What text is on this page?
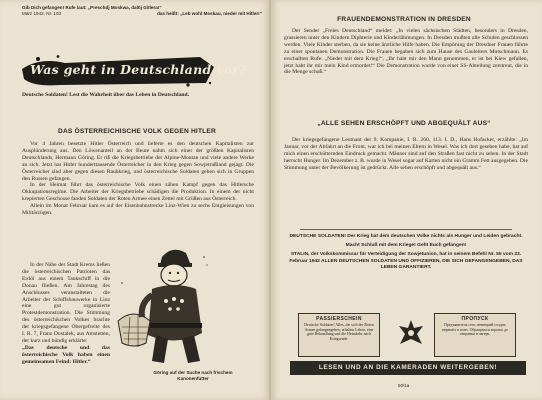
Gib Dich gefangen! Rufe laut: „Preschdj Moskwa, dalöj Gitlera!“
März 1942, Nr. 103	das heißt: „Leb wohl Moskau, nieder mit Hitler!“
Was geht in Deutschland vor?
Deutsche Soldaten! Lest die Wahrheit über das Leben in Deutschland.
DAS ÖSTERREICHISCHE VOLK GEGEN HITLER

Vor 4 Jahren besetzte Hitler Österreich und lieferte es den deutschen Kapitalisten zur Ausplünderung aus. Den Löwenanteil an der Beute nahm sich einer der größten Kapitalisten Deutschlands, Hermann Göring. Er riß die Kriegsbetriebe der Alpine-Montan und viele andere Werke an sich. Jetzt hat Hitler hunderttausende Österreicher in den Krieg gegen Sowjetrußland gejagt. Die Österreicher sind aber gegen diesen Raubkrieg, und österreichische Soldaten gehen sich in Gruppen den Russen gefangen.

In der Heimat führt das österreichische Volk einen zähen Kampf gegen das Hitlersche Okkupationsregime. Die Arbeiter der Kriegsbetriebe schädigen die Produktion. In einem der nicht krepierten Geschosse fanden Soldaten der Roten Armee einen Zettel mit Grüßen aus Österreich.

Allein im Monat Februar kam es auf der Eisenbahnstrecke Linz-Wien zu sechs Entgleisungen von Militärzügen.

In der Nähe der Stadt Krems ließen die österreichischen Patrioten das Erdöl aus einem Tankschiff in die Donau fließen. Am Jahrestag des Anschlusses veranstalteten die Arbeiter der Schiffsbauwerke in Linz eine gut organisierte Protestdemonstration. Die Stimmung des österreichischen Volkes brachte der kriegsgefangene Obergefreite des I. R. 7, Franz Dostalek, aus Amstetten, der kurz und bündig erklärte:

„Das deutsche und das österreichische Volk haben einen gemeinsamen Feind: Hitler.“

Göring auf der Suche nach frischem Kanonenfutter
FRAUENDEMONSTRATION IN DRESDEN

Der Sender „Freies Deutschland“ meldet: „In vielen sächsischen Städten, besonders in Dresden, grassieren unter den Kindern Diphterie und Kinderlähmungen. In Dresden mußten alle Schulen geschlossen werden. Viele Kinder sterben, da sie keine ärztliche Hilfe haben. Die Empörung der Dresdner Frauen führte zu einer spontanen Demonstration. Die Frauen begaben sich zum Hause des Gauleiters Mutschmann. Es erschallten Rufe: „Nieder mit dem Krieg!“, „Ihr habt mir den Mann genommen, er ist bei Kiew gefallen, jetzt habt ihr mir mein Kind ermordet!“ Die Demonstration wurde von einer SS-Abteilung zerstreut, die in die Menge schoß.“

„ALLE SEHEN ERSCHÖPFT UND ABGEQUÄLT AUS“

Der kriegsgefangene Leutnant der 9. Kompanie, I. R. 260, 113. I. D., Hans Hofacker, erzählte: „Im Januar, vor der Abfahrt an die Front, war ich bei meinen Eltern in Wesel. Was ich dort gesehen habe, hat auf mich einen erschütternden Eindruck gemacht. Männer sind auf den Straßen fast nicht zu sehen. In der Stadt herrscht Hunger. Im Dezember z. B. wurde in Wesel sogar auf Karten nicht ein Gramm Fett ausgegeben. Die Stimmung unter der Bevölkerung ist gedrückt. Alle sehen erschöpft und abgequält aus.“

DEUTSCHE SOLDATEN! Der Krieg hat dem deutschen Volke nichts als Hunger und Leiden gebracht.

Macht Schluß mit dem Kriege! Geht Euch gefangen!

STALIN, der Volkskommissar für Verteidigung der Sowjetunion, hat in seinem Befehl Nr. 55 vom 23. Februar 1942 ALLEN DEUTSCHEN SOLDATEN UND OFFIZIEREN, DIE SICH GEFANGENGEBEN, DAS LEBEN GARANTIERT.

PASSIERSCHEIN
Deutsche Soldaten! Alles, die sich der Roten Armee gefangengeben, erhalten Leben, eine gute Behandlung und die Heimkehr nach Kriegsende.
ПРОПУСК
Предъявитель сего, немецкий солдат, перешёл в плен. Обращаться хорошо до отправки в лагерь.
LESEN UND AN DIE KAMERADEN WEITERGEBEN!
50/1a
